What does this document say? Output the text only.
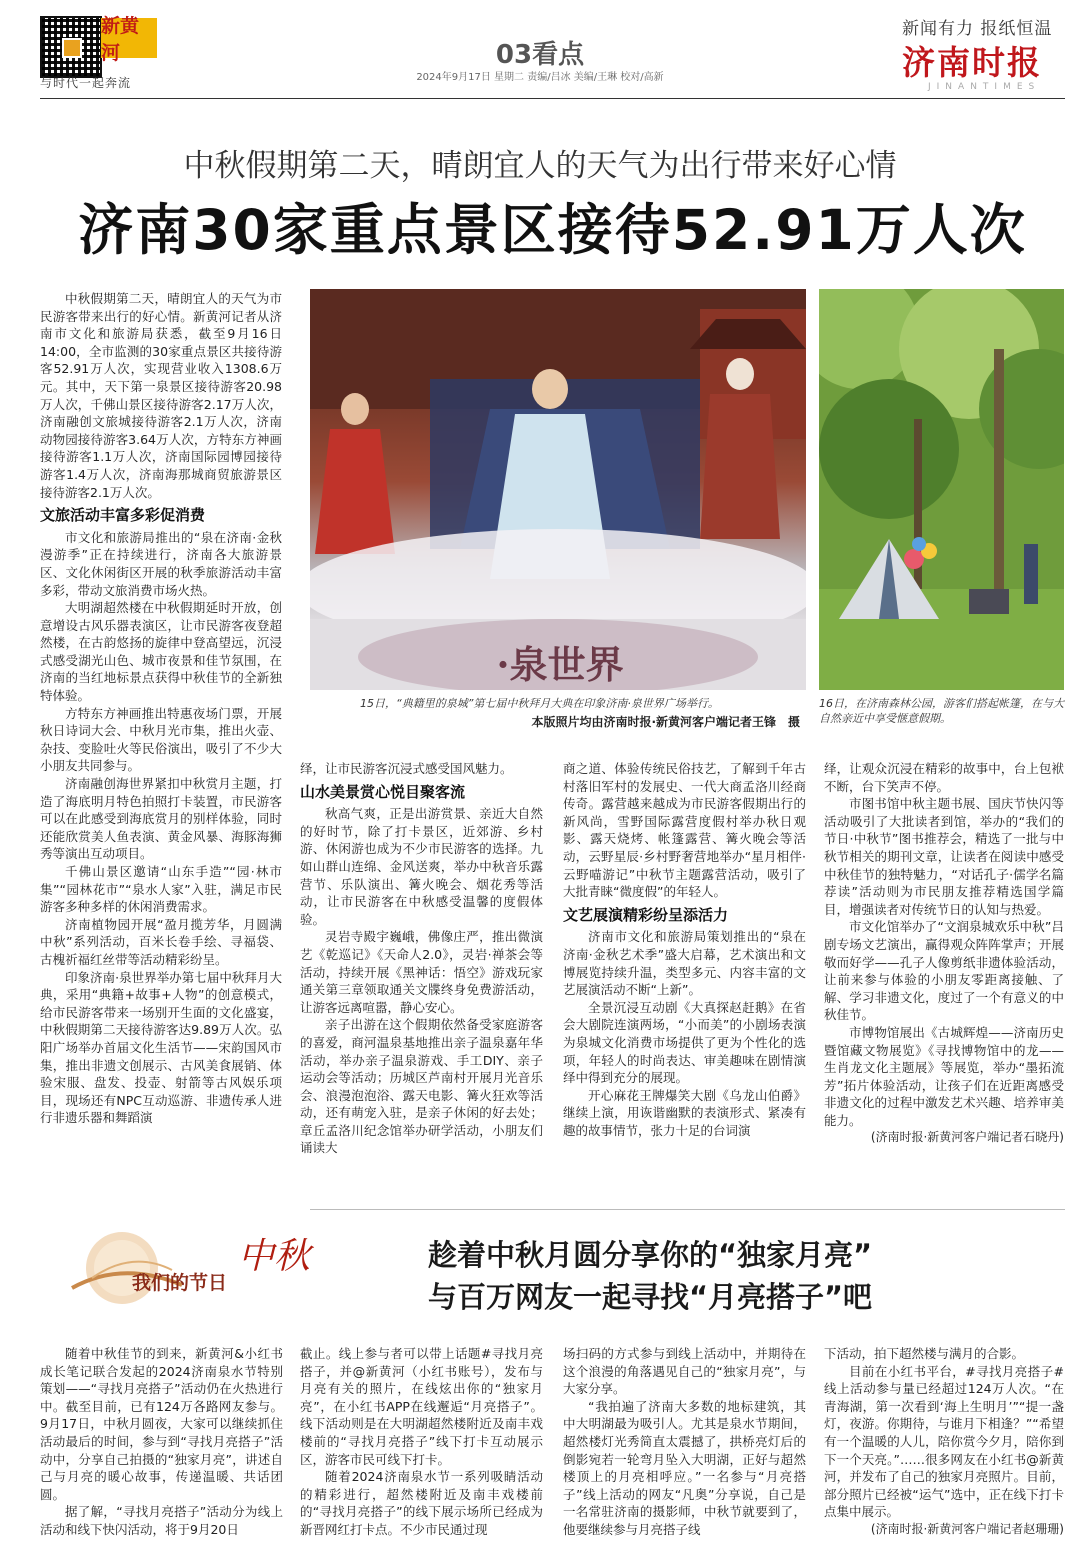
新黄河
与时代一起奔流
03看点
2024年9月17日 星期二 责编/吕冰 美编/王琳 校对/高新
新闻有力 报纸恒温
济南时报
JINANTIMES
中秋假期第二天，晴朗宜人的天气为出行带来好心情
济南30家重点景区接待52.91万人次

中秋假期第二天，晴朗宜人的天气为市民游客带来出行的好心情。新黄河记者从济南市文化和旅游局获悉，截至9月16日14:00，全市监测的30家重点景区共接待游客52.91万人次，实现营业收入1308.6万元。其中，天下第一泉景区接待游客20.98万人次，千佛山景区接待游客2.17万人次，济南融创文旅城接待游客2.1万人次，济南动物园接待游客3.64万人次，方特东方神画接待游客1.1万人次，济南国际园博园接待游客1.4万人次，济南海那城商贸旅游景区接待游客2.1万人次。

文旅活动丰富多彩促消费

市文化和旅游局推出的“泉在济南·金秋漫游季”正在持续进行，济南各大旅游景区、文化休闲街区开展的秋季旅游活动丰富多彩，带动文旅消费市场火热。

大明湖超然楼在中秋假期延时开放，创意增设古风乐器表演区，让市民游客夜登超然楼，在古韵悠扬的旋律中登高望远，沉浸式感受湖光山色、城市夜景和佳节氛围，在济南的当红地标景点获得中秋佳节的全新独特体验。

方特东方神画推出特惠夜场门票，开展秋日诗词大会、中秋月光市集，推出火壶、杂技、变脸吐火等民俗演出，吸引了不少大小朋友共同参与。

济南融创海世界紧扣中秋赏月主题，打造了海底明月特色拍照打卡装置，市民游客可以在此感受到海底赏月的别样体验，同时还能欣赏美人鱼表演、黄金风暴、海豚海狮秀等演出互动项目。

千佛山景区邀请“山东手造”“园·林市集”“园林花市”“泉水人家”入驻，满足市民游客多种多样的休闲消费需求。

济南植物园开展“盈月揽芳华，月圆满中秋”系列活动，百米长卷手绘、寻福袋、古槐祈福红丝带等活动精彩纷呈。

印象济南·泉世界举办第七届中秋拜月大典，采用“典籍+故事+人物”的创意模式，给市民游客带来一场别开生面的文化盛宴，中秋假期第二天接待游客达9.89万人次。弘阳广场举办首届文化生活节——宋韵国风市集，推出非遗文创展示、古风美食展销、体验宋服、盘发、投壶、射箭等古风娱乐项目，现场还有NPC互动巡游、非遗传承人进行非遗乐器和舞蹈演

·泉世界
15日，“典籍里的泉城”第七届中秋拜月大典在印象济南·泉世界广场举行。
本版照片均由济南时报·新黄河客户端记者王锋　摄
16日，在济南森林公园，游客们搭起帐篷，在与大自然亲近中享受惬意假期。

绎，让市民游客沉浸式感受国风魅力。

山水美景赏心悦目聚客流

秋高气爽，正是出游赏景、亲近大自然的好时节，除了打卡景区，近郊游、乡村游、休闲游也成为不少市民游客的选择。九如山群山连绵、金风送爽，举办中秋音乐露营节、乐队演出、篝火晚会、烟花秀等活动，让市民游客在中秋感受温馨的度假体验。

灵岩寺殿宇巍峨，佛像庄严，推出微演艺《乾巡记》《天命人2.0》，灵岩·禅茶会等活动，持续开展《黑神话：悟空》游戏玩家通关第三章领取通关文牒终身免费游活动，让游客远离喧嚣，静心安心。

亲子出游在这个假期依然备受家庭游客的喜爱，商河温泉基地推出亲子温泉嘉年华活动，举办亲子温泉游戏、手工DIY、亲子运动会等活动；历城区芦南村开展月光音乐会、浪漫泡泡浴、露天电影、篝火狂欢等活动，还有萌宠入驻，是亲子休闲的好去处；章丘孟洛川纪念馆举办研学活动，小朋友们诵读大

商之道、体验传统民俗技艺，了解到千年古村落旧军村的发展史、一代大商孟洛川经商传奇。露营越来越成为市民游客假期出行的新风尚，雪野国际露营度假村举办秋日观影、露天烧烤、帐篷露营、篝火晚会等活动，云野星辰·乡村野奢营地举办“星月相伴·云野喵游记”中秋节主题露营活动，吸引了大批青睐“微度假”的年轻人。

文艺展演精彩纷呈添活力

济南市文化和旅游局策划推出的“泉在济南·金秋艺术季”盛大启幕，艺术演出和文博展览持续升温，类型多元、内容丰富的文艺展演活动不断“上新”。

全景沉浸互动剧《大真探赵赶鹅》在省会大剧院连演两场，“小而美”的小剧场表演为泉城文化消费市场提供了更为个性化的选项，年轻人的时尚表达、审美趣味在剧情演绎中得到充分的展现。

开心麻花王牌爆笑大剧《乌龙山伯爵》继续上演，用诙谐幽默的表演形式、紧凑有趣的故事情节，张力十足的台词演

绎，让观众沉浸在精彩的故事中，台上包袱不断，台下笑声不停。

市图书馆中秋主题书展、国庆节快闪等活动吸引了大批读者到馆，举办的“我们的节日·中秋节”图书推荐会，精选了一批与中秋节相关的期刊文章，让读者在阅读中感受中秋佳节的独特魅力，“对话孔子·儒学名篇荐读”活动则为市民朋友推荐精选国学篇目，增强读者对传统节日的认知与热爱。

市文化馆举办了“文润泉城欢乐中秋”吕剧专场文艺演出，赢得观众阵阵掌声；开展敬而好学——孔子人像剪纸非遗体验活动，让前来参与体验的小朋友零距离接触、了解、学习非遗文化，度过了一个有意义的中秋佳节。

市博物馆展出《古城辉煌——济南历史暨馆藏文物展览》《寻找博物馆中的龙——生肖龙文化主题展》等展览，举办“墨拓流芳”拓片体验活动，让孩子们在近距离感受非遗文化的过程中激发艺术兴趣、培养审美能力。

(济南时报·新黄河客户端记者石晓丹)
我们的节日
中秋	趁着中秋月圆分享你的“独家月亮”
与百万网友一起寻找“月亮搭子”吧

随着中秋佳节的到来，新黄河&小红书成长笔记联合发起的2024济南泉水节特别策划——“寻找月亮搭子”活动仍在火热进行中。截至目前，已有124万各路网友参与。9月17日，中秋月圆夜，大家可以继续抓住活动最后的时间，参与到“寻找月亮搭子”活动中，分享自己拍摄的“独家月亮”，讲述自己与月亮的暖心故事，传递温暖、共话团圆。

据了解，“寻找月亮搭子”活动分为线上活动和线下快闪活动，将于9月20日

截止。线上参与者可以带上话题#寻找月亮搭子，并@新黄河（小红书账号），发布与月亮有关的照片，在线炫出你的“独家月亮”，在小红书APP在线邂逅“月亮搭子”。线下活动则是在大明湖超然楼附近及南丰戏楼前的“寻找月亮搭子”线下打卡互动展示区，游客市民可线下打卡。

随着2024济南泉水节一系列吸睛活动的精彩进行，超然楼附近及南丰戏楼前的“寻找月亮搭子”的线下展示场所已经成为新晋网红打卡点。不少市民通过现

场扫码的方式参与到线上活动中，并期待在这个浪漫的角落遇见自己的“独家月亮”，与大家分享。

“我拍遍了济南大多数的地标建筑，其中大明湖最为吸引人。尤其是泉水节期间，超然楼灯光秀简直太震撼了，拱桥亮灯后的倒影宛若一轮弯月坠入大明湖，正好与超然楼顶上的月亮相呼应。”一名参与“月亮搭子”线上活动的网友“凡奥”分享说，自己是一名常驻济南的摄影师，中秋节就要到了，他要继续参与月亮搭子线

下活动，拍下超然楼与满月的合影。

目前在小红书平台，#寻找月亮搭子#线上活动参与量已经超过124万人次。“在青海湖，第一次看到‘海上生明月’”“提一盏灯，夜游。你期待，与谁月下相逢？”“希望有一个温暖的人儿，陪你赏今夕月，陪你到下一个天亮。”……很多网友在小红书@新黄河，并发布了自己的独家月亮照片。目前，部分照片已经被“运气”选中，正在线下打卡点集中展示。

(济南时报·新黄河客户端记者赵珊珊)
